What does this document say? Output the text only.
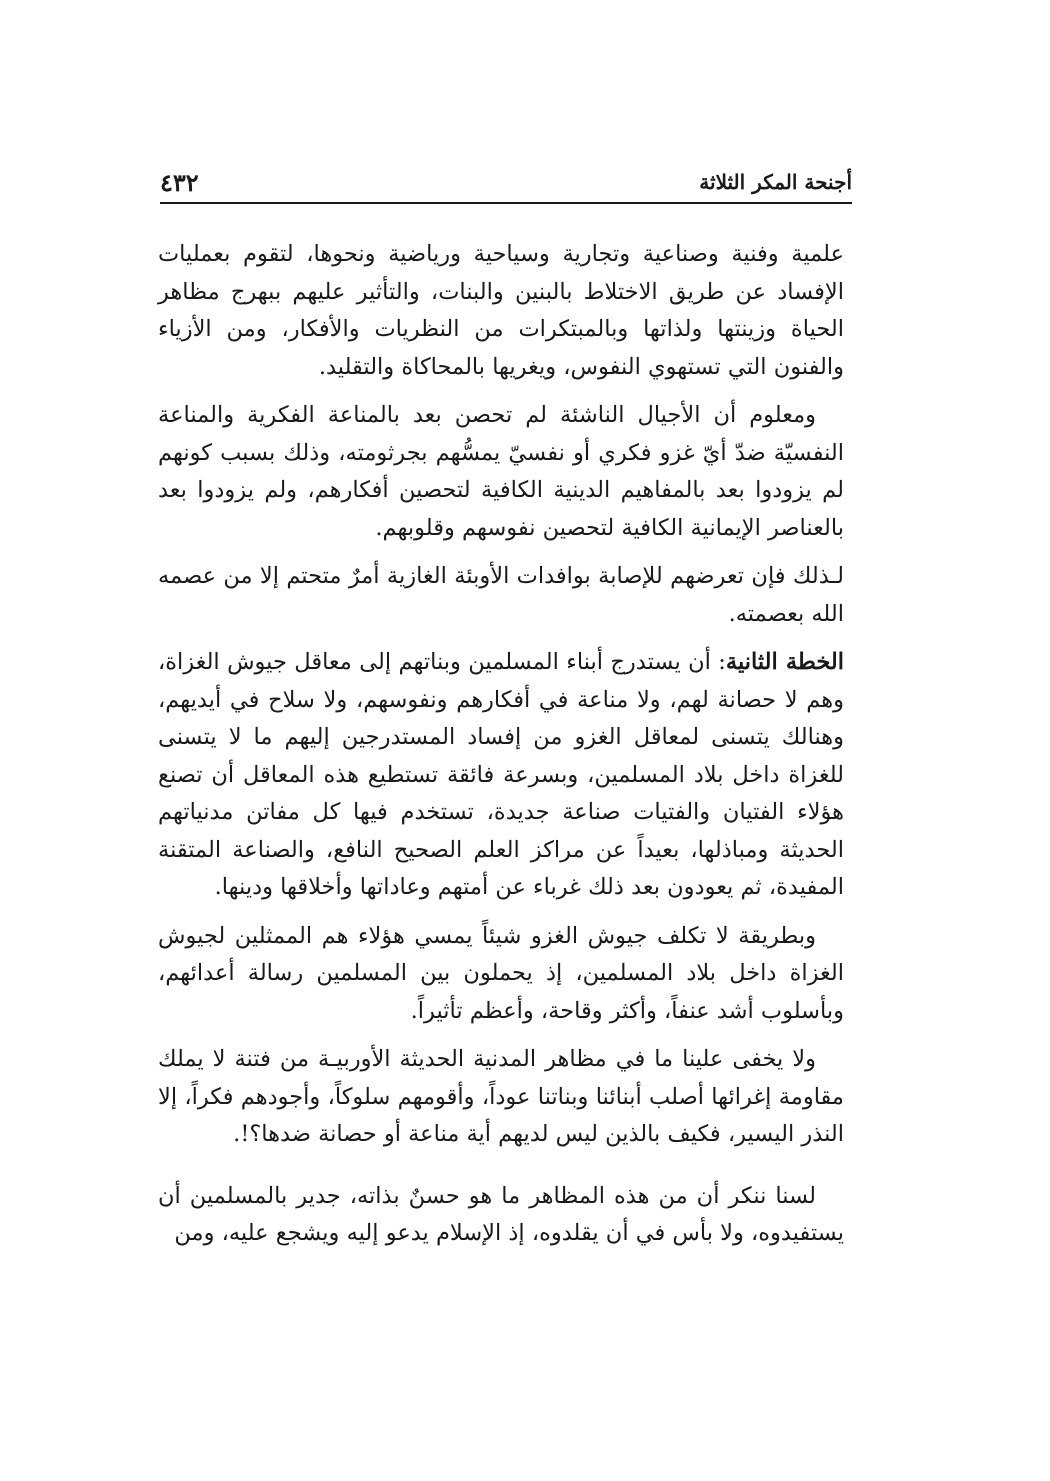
أجنحة المكر الثلاثة
٤٣٢

علمية وفنية وصناعية وتجارية وسياحية ورياضية ونحوها، لتقوم بعمليات الإفساد عن طريق الاختلاط بالبنين والبنات، والتأثير عليهم ببهرج مظاهر الحياة وزينتها ولذاتها وبالمبتكرات من النظريات والأفكار، ومن الأزياء والفنون التي تستهوي النفوس، ويغريها بالمحاكاة والتقليد.

ومعلوم أن الأجيال الناشئة لم تحصن بعد بالمناعة الفكرية والمناعة النفسيّة ضدّ أيّ غزو فكري أو نفسيّ يمسُّهم بجرثومته، وذلك بسبب كونهم لم يزودوا بعد بالمفاهيم الدينية الكافية لتحصين أفكارهم، ولم يزودوا بعد بالعناصر الإيمانية الكافية لتحصين نفوسهم وقلوبهم.

لـذلك فإن تعرضهم للإصابة بوافدات الأوبئة الغازية أمرٌ متحتم إلا من عصمه الله بعصمته.

الخطة الثانية: أن يستدرج أبناء المسلمين وبناتهم إلى معاقل جيوش الغزاة، وهم لا حصانة لهم، ولا مناعة في أفكارهم ونفوسهم، ولا سلاح في أيديهم، وهنالك يتسنى لمعاقل الغزو من إفساد المستدرجين إليهم ما لا يتسنى للغزاة داخل بلاد المسلمين، وبسرعة فائقة تستطيع هذه المعاقل أن تصنع هؤلاء الفتيان والفتيات صناعة جديدة، تستخدم فيها كل مفاتن مدنياتهم الحديثة ومباذلها، بعيداً عن مراكز العلم الصحيح النافع، والصناعة المتقنة المفيدة، ثم يعودون بعد ذلك غرباء عن أمتهم وعاداتها وأخلاقها ودينها.

وبطريقة لا تكلف جيوش الغزو شيئاً يمسي هؤلاء هم الممثلين لجيوش الغزاة داخل بلاد المسلمين، إذ يحملون بين المسلمين رسالة أعدائهم، وبأسلوب أشد عنفاً، وأكثر وقاحة، وأعظم تأثيراً.

ولا يخفى علينا ما في مظاهر المدنية الحديثة الأوربيـة من فتنة لا يملك مقاومة إغرائها أصلب أبنائنا وبناتنا عوداً، وأقومهم سلوكاً، وأجودهم فكراً، إلا النذر اليسير، فكيف بالذين ليس لديهم أية مناعة أو حصانة ضدها؟!.

لسنا ننكر أن من هذه المظاهر ما هو حسنٌ بذاته، جدير بالمسلمين أن يستفيدوه، ولا بأس في أن يقلدوه، إذ الإسلام يدعو إليه ويشجع عليه، ومن
